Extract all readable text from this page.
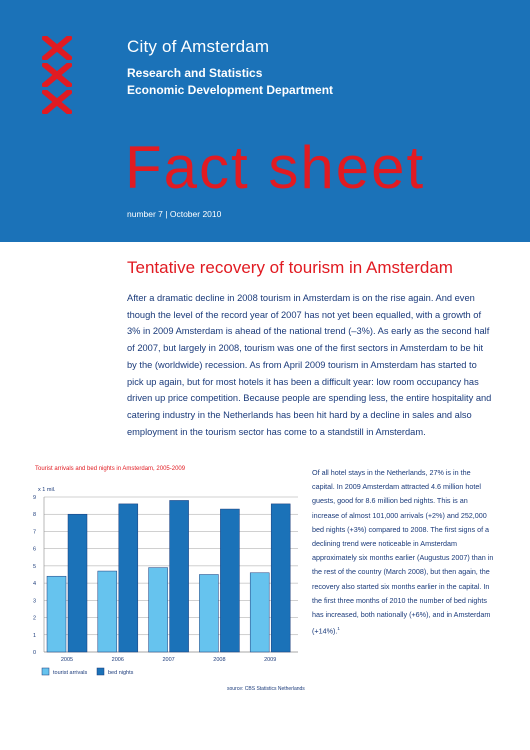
City of Amsterdam
Research and Statistics
Economic Development Department
Fact sheet
number 7 | October 2010
Tentative recovery of tourism in Amsterdam

After a dramatic decline in 2008 tourism in Amsterdam is on the rise again. And even though the level of the record year of 2007 has not yet been equalled, with a growth of 3% in 2009 Amsterdam is ahead of the national trend (–3%). As early as the second half of 2007, but largely in 2008, tourism was one of the first sectors in Amsterdam to be hit by the (worldwide) recession. As from April 2009 tourism in Amsterdam has started to pick up again, but for most hotels it has been a difficult year: low room occupancy has driven up price competition. Because people are spending less, the entire hospitality and catering industry in the Netherlands has been hit hard by a decline in sales and also employment in the tourism sector has come to a standstill in Amsterdam.

Tourist arrivals and bed nights in Amsterdam, 2005-2009
x 1 mil.
0
1
2
3
4
5
6
7
8
9
2005	2006	2007	2008	2009
tourist arrivals	bed nights
source: CBS Statistics Netherlands

Of all hotel stays in the Netherlands, 27% is in the capital. In 2009 Amsterdam attracted 4.6 million hotel guests, good for 8.6 million bed nights. This is an increase of almost 101,000 arrivals (+2%) and 252,000 bed nights (+3%) compared to 2008. The first signs of a declining trend were noticeable in Amsterdam approximately six months earlier (Augustus 2007) than in the rest of the country (March 2008), but then again, the recovery also started six months earlier in the capital. In the first three months of 2010 the number of bed nights has increased, both nationally (+6%), and in Amsterdam (+14%).$^1$
